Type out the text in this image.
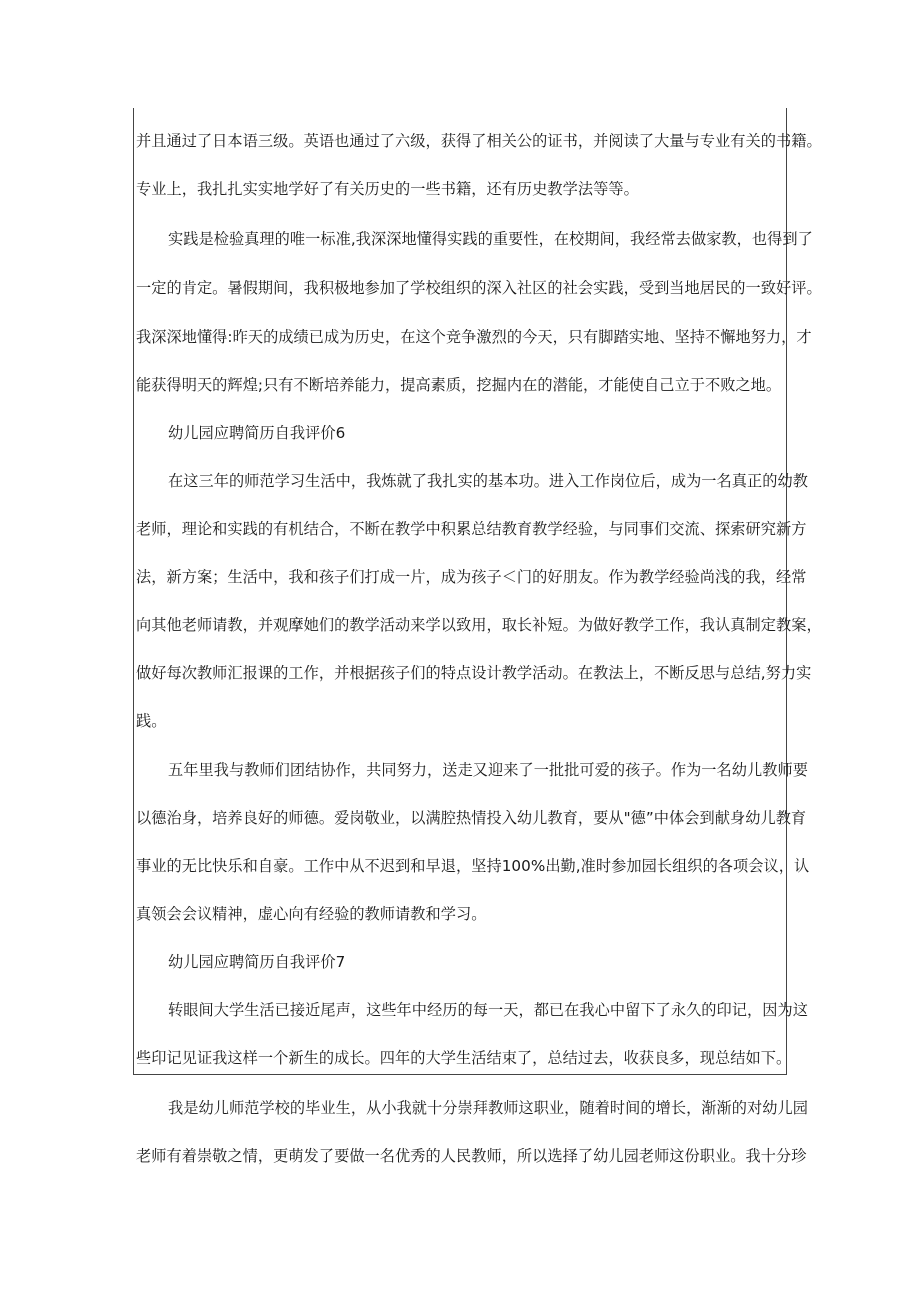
并且通过了日本语三级。英语也通过了六级，获得了相关公的证书，并阅读了大量与专业有关的书籍。
专业上，我扎扎实实地学好了有关历史的一些书籍，还有历史教学法等等。
实践是检验真理的唯一标准,我深深地懂得实践的重要性，在校期间，我经常去做家教，也得到了
一定的肯定。暑假期间，我积极地参加了学校组织的深入社区的社会实践，受到当地居民的一致好评。
我深深地懂得:昨天的成绩已成为历史，在这个竞争激烈的今天，只有脚踏实地、坚持不懈地努力，才
能获得明天的辉煌;只有不断培养能力，提高素质，挖掘内在的潜能，才能使自己立于不败之地。
幼儿园应聘简历自我评价6
在这三年的师范学习生活中，我炼就了我扎实的基本功。进入工作岗位后，成为一名真正的幼教
老师，理论和实践的有机结合，不断在教学中积累总结教育教学经验，与同事们交流、探索研究新方
法，新方案；生活中，我和孩子们打成一片，成为孩子＜门的好朋友。作为教学经验尚浅的我，经常
向其他老师请教，并观摩她们的教学活动来学以致用，取长补短。为做好教学工作，我认真制定教案，
做好每次教师汇报课的工作，并根据孩子们的特点设计教学活动。在教法上，不断反思与总结,努力实
践。
五年里我与教师们团结协作，共同努力，送走又迎来了一批批可爱的孩子。作为一名幼儿教师要
以德治身，培养良好的师德。爱岗敬业，以满腔热情投入幼儿教育，要从"德”中体会到献身幼儿教育
事业的无比快乐和自豪。工作中从不迟到和早退，坚持100%出勤,准时参加园长组织的各项会议，认
真领会会议精神，虚心向有经验的教师请教和学习。
幼儿园应聘简历自我评价7
转眼间大学生活已接近尾声，这些年中经历的每一天，都已在我心中留下了永久的印记，因为这
些印记见证我这样一个新生的成长。四年的大学生活结束了，总结过去，收获良多，现总结如下。
我是幼儿师范学校的毕业生，从小我就十分崇拜教师这职业，随着时间的增长，渐渐的对幼儿园
老师有着崇敬之情，更萌发了要做一名优秀的人民教师，所以选择了幼儿园老师这份职业。我十分珍
